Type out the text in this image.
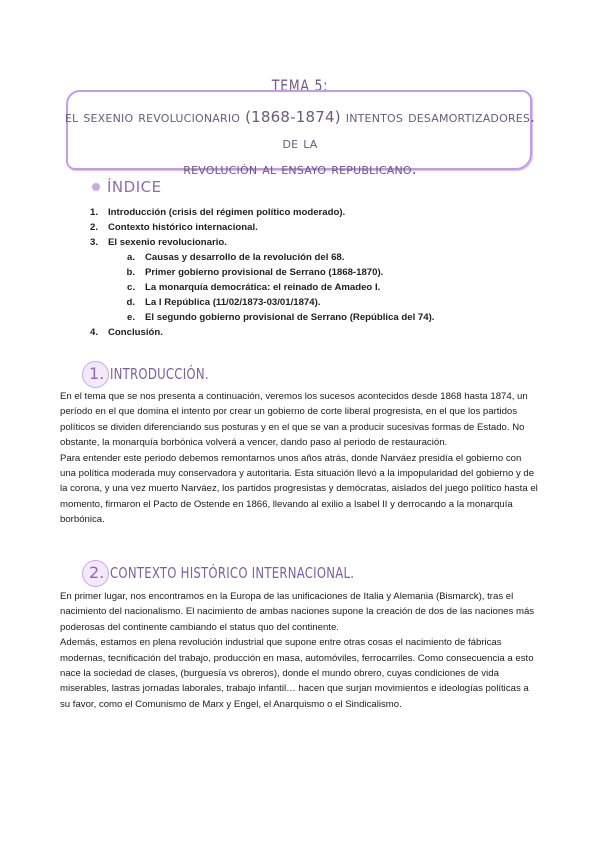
TEMA 5:
el sexenio revolucionario (1868-1874) intentos desamortizadores. de la
revolución al ensayo republicano.
ÍNDICE
1. Introducción (crisis del régimen político moderado).
2. Contexto histórico internacional.
3. El sexenio revolucionario.
a. Causas y desarrollo de la revolución del 68.
b. Primer gobierno provisional de Serrano (1868-1870).
c. La monarquía democrática: el reinado de Amadeo I.
d. La I República (11/02/1873-03/01/1874).
e. El segundo gobierno provisional de Serrano (República del 74).
4. Conclusión.
1. INTRODUCCIÓN.

En el tema que se nos presenta a continuación, veremos los sucesos acontecidos desde 1868 hasta 1874, un período en el que domina el intento por crear un gobierno de corte liberal progresista, en el que los partidos políticos se dividen diferenciando sus posturas y en el que se van a producir sucesivas formas de Estado. No obstante, la monarquía borbónica volverá a vencer, dando paso al periodo de restauración.

Para entender este periodo debemos remontarnos unos años atrás, donde Narváez presidía el gobierno con una política moderada muy conservadora y autoritaria. Esta situación llevó a la impopularidad del gobierno y de la corona, y una vez muerto Narváez, los partidos progresistas y demócratas, aislados del juego político hasta el momento, firmaron el Pacto de Ostende en 1866, llevando al exilio a Isabel II y derrocando a la monarquía borbónica.

2. CONTEXTO HISTÓRICO INTERNACIONAL.

En primer lugar, nos encontramos en la Europa de las unificaciones de Italia y Alemania (Bismarck), tras el nacimiento del nacionalismo. El nacimiento de ambas naciones supone la creación de dos de las naciones más poderosas del continente cambiando el status quo del continente.

Además, estamos en plena revolución industrial que supone entre otras cosas el nacimiento de fábricas modernas, tecnificación del trabajo, producción en masa, automóviles, ferrocarriles. Como consecuencia a esto nace la sociedad de clases, (burguesía vs obreros), donde el mundo obrero, cuyas condiciones de vida miserables, lastras jornadas laborales, trabajo infantil… hacen que surjan movimientos e ideologías políticas a su favor, como el Comunismo de Marx y Engel, el Anarquismo o el Sindicalismo.
